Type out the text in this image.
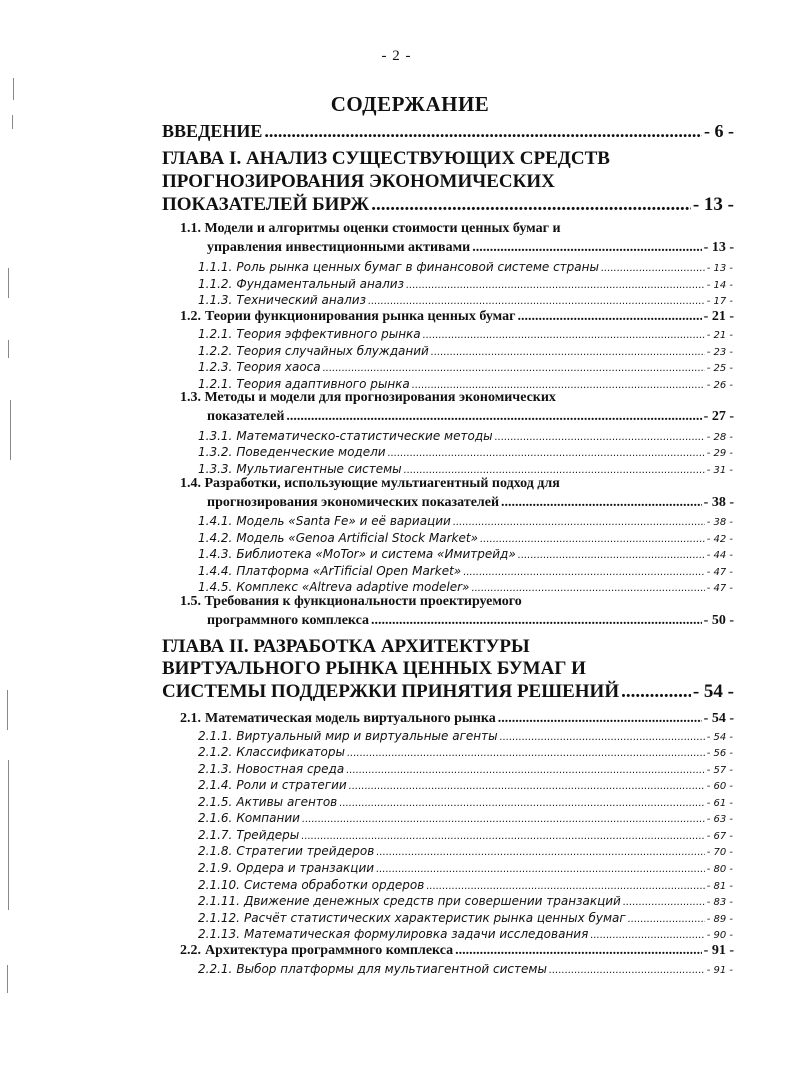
- 2 -
СОДЕРЖАНИЕ
ВВЕДЕНИЕ .....	- 6 -
ГЛАВА I. АНАЛИЗ СУЩЕСТВУЮЩИХ СРЕДСТВ
ПРОГНОЗИРОВАНИЯ ЭКОНОМИЧЕСКИХ
ПОКАЗАТЕЛЕЙ БИРЖ .....	- 13 -
1.1. Модели и алгоритмы оценки стоимости ценных бумаг и
управления инвестиционными активами .....	- 13 -
1.1.1. Роль рынка ценных бумаг в финансовой системе страны .....	- 13 -
1.1.2. Фундаментальный анализ .....	- 14 -
1.1.3. Технический анализ .....	- 17 -
1.2. Теории функционирования рынка ценных бумаг .....	- 21 -
1.2.1. Теория эффективного рынка .....	- 21 -
1.2.2. Теория случайных блужданий .....	- 23 -
1.2.3. Теория хаоса .....	- 25 -
1.2.1. Теория адаптивного рынка .....	- 26 -
1.3. Методы и модели для прогнозирования экономических
показателей .....	- 27 -
1.3.1. Математическо-статистические методы .....	- 28 -
1.3.2. Поведенческие модели .....	- 29 -
1.3.3. Мультиагентные системы .....	- 31 -
1.4. Разработки, использующие мультиагентный подход для
прогнозирования экономических показателей .....	- 38 -
1.4.1. Модель «Santa Fe» и её вариации .....	- 38 -
1.4.2. Модель «Genoa Artificial Stock Market» .....	- 42 -
1.4.3. Библиотека «MoTor» и система «Имитрейд» .....	- 44 -
1.4.4. Платформа «ArTificial Open Market» .....	- 47 -
1.4.5. Комплекс «Altreva adaptive modeler» .....	- 47 -
1.5. Требования к функциональности проектируемого
программного комплекса .....	- 50 -
ГЛАВА II. РАЗРАБОТКА АРХИТЕКТУРЫ
ВИРТУАЛЬНОГО РЫНКА ЦЕННЫХ БУМАГ И
СИСТЕМЫ ПОДДЕРЖКИ ПРИНЯТИЯ РЕШЕНИЙ .....	- 54 -
2.1. Математическая модель виртуального рынка .....	- 54 -
2.1.1. Виртуальный мир и виртуальные агенты .....	- 54 -
2.1.2. Классификаторы .....	- 56 -
2.1.3. Новостная среда .....	- 57 -
2.1.4. Роли и стратегии .....	- 60 -
2.1.5. Активы агентов .....	- 61 -
2.1.6. Компании .....	- 63 -
2.1.7. Трейдеры .....	- 67 -
2.1.8. Стратегии трейдеров .....	- 70 -
2.1.9. Ордера и транзакции .....	- 80 -
2.1.10. Система обработки ордеров .....	- 81 -
2.1.11. Движение денежных средств при совершении транзакций .....	- 83 -
2.1.12. Расчёт статистических характеристик рынка ценных бумаг .....	- 89 -
2.1.13. Математическая формулировка задачи исследования .....	- 90 -
2.2. Архитектура программного комплекса .....	- 91 -
2.2.1. Выбор платформы для мультиагентной системы .....	- 91 -
